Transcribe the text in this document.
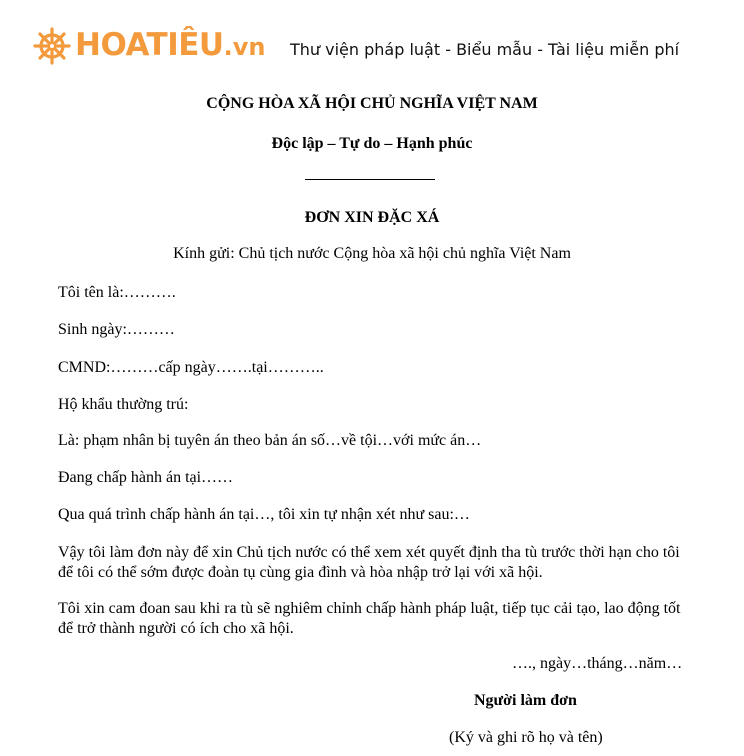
HOATIÊU.vn Thư viện pháp luật - Biểu mẫu - Tài liệu miễn phí
CỘNG HÒA XÃ HỘI CHỦ NGHĨA VIỆT NAM
Độc lập – Tự do – Hạnh phúc
ĐƠN XIN ĐẶC XÁ
Kính gửi: Chủ tịch nước Cộng hòa xã hội chủ nghĩa Việt Nam
Tôi tên là:……….
Sinh ngày:………
CMND:………cấp ngày…….tại………..
Hộ khẩu thường trú:
Là: phạm nhân bị tuyên án theo bản án số…về tội…với mức án…
Đang chấp hành án tại……
Qua quá trình chấp hành án tại…, tôi xin tự nhận xét như sau:…
Vậy tôi làm đơn này để xin Chủ tịch nước có thể xem xét quyết định tha tù trước thời hạn cho tôi để tôi có thể sớm được đoàn tụ cùng gia đình và hòa nhập trở lại với xã hội.
Tôi xin cam đoan sau khi ra tù sẽ nghiêm chỉnh chấp hành pháp luật, tiếp tục cải tạo, lao động tốt để trở thành người có ích cho xã hội.
…., ngày…tháng…năm…
Người làm đơn
(Ký và ghi rõ họ và tên)
